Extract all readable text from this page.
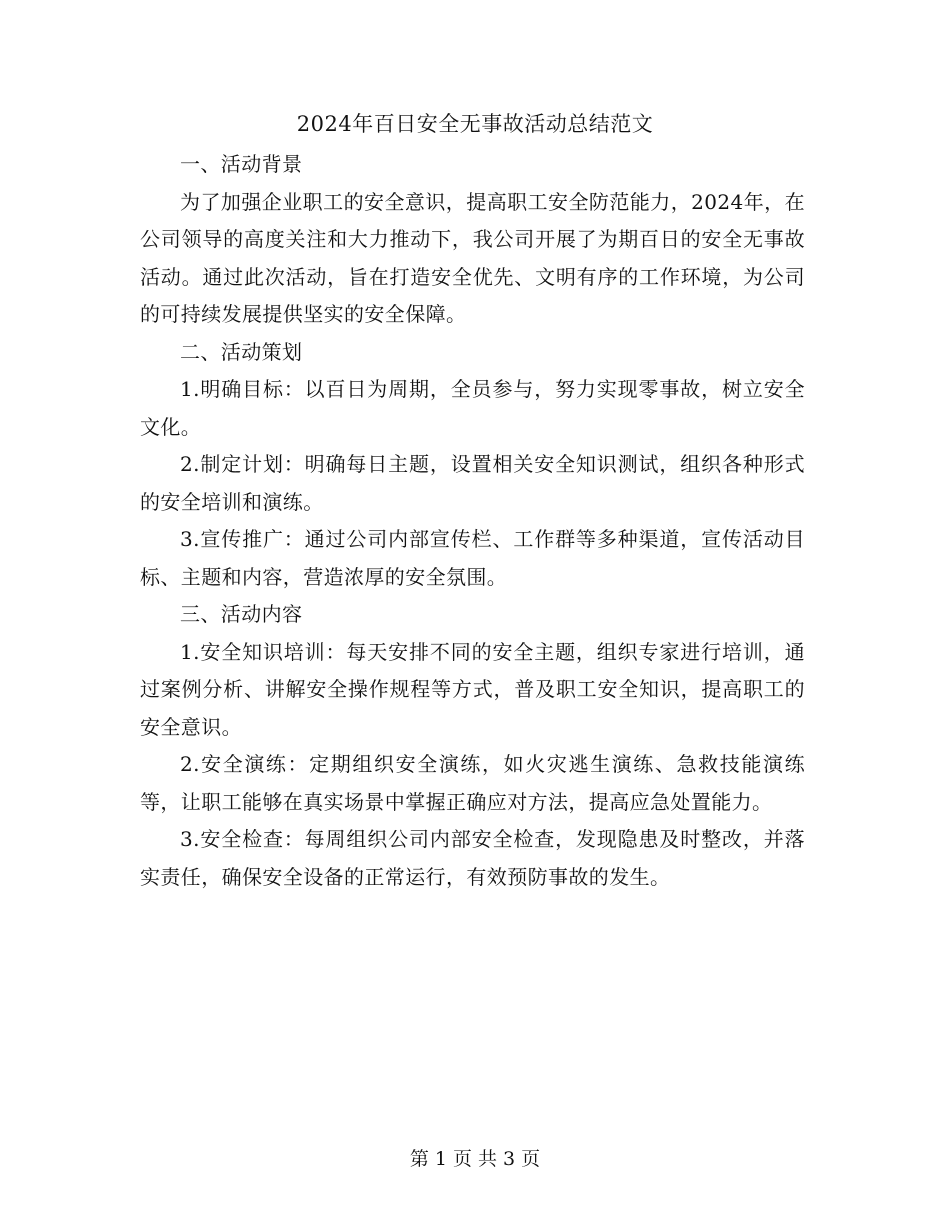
2024年百日安全无事故活动总结范文

一、活动背景

为了加强企业职工的安全意识，提高职工安全防范能力，2024年，在公司领导的高度关注和大力推动下，我公司开展了为期百日的安全无事故活动。通过此次活动，旨在打造安全优先、文明有序的工作环境，为公司的可持续发展提供坚实的安全保障。

二、活动策划

1.明确目标：以百日为周期，全员参与，努力实现零事故，树立安全文化。

2.制定计划：明确每日主题，设置相关安全知识测试，组织各种形式的安全培训和演练。

3.宣传推广：通过公司内部宣传栏、工作群等多种渠道，宣传活动目标、主题和内容，营造浓厚的安全氛围。

三、活动内容

1.安全知识培训：每天安排不同的安全主题，组织专家进行培训，通过案例分析、讲解安全操作规程等方式，普及职工安全知识，提高职工的安全意识。

2.安全演练：定期组织安全演练，如火灾逃生演练、急救技能演练等，让职工能够在真实场景中掌握正确应对方法，提高应急处置能力。

3.安全检查：每周组织公司内部安全检查，发现隐患及时整改，并落实责任，确保安全设备的正常运行，有效预防事故的发生。

第 1 页 共 3 页
